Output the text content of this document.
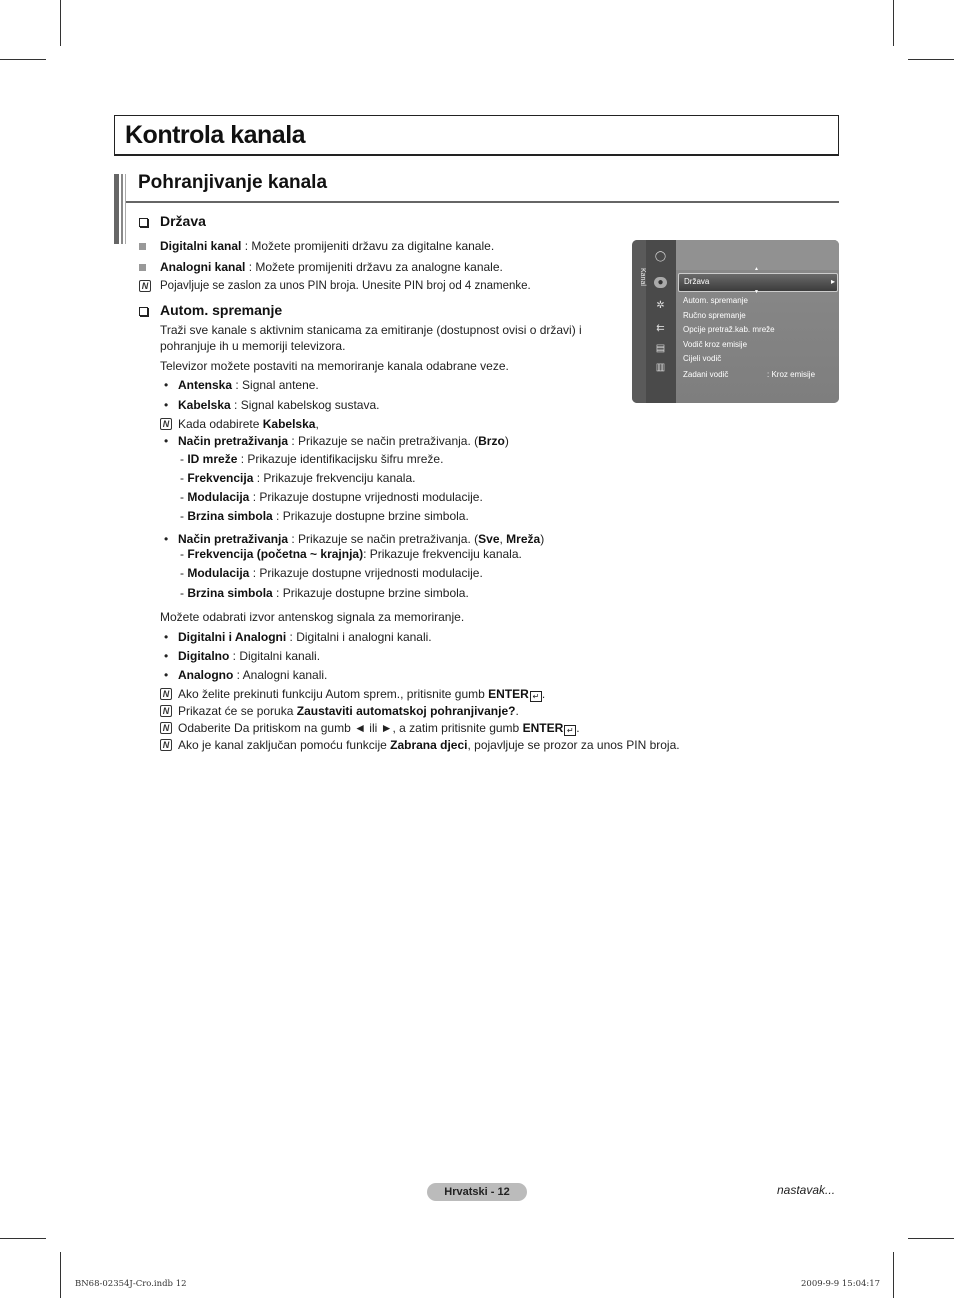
Kontrola kanala
Pohranjivanje kanala
Država
Digitalni kanal : Možete promijeniti državu za digitalne kanale.
Analogni kanal : Možete promijeniti državu za analogne kanale.
N Pojavljuje se zaslon za unos PIN broja. Unesite PIN broj od 4 znamenke.
Autom. spremanje
Traži sve kanale s aktivnim stanicama za emitiranje (dostupnost ovisi o državi) i
pohranjuje ih u memoriji televizora.
Televizor možete postaviti na memoriranje kanala odabrane veze.
• Antenska : Signal antene.
• Kabelska : Signal kabelskog sustava.
N Kada odabirete Kabelska,
• Način pretraživanja : Prikazuje se način pretraživanja. (Brzo)
- ID mreže : Prikazuje identifikacijsku šifru mreže.
- Frekvencija : Prikazuje frekvenciju kanala.
- Modulacija : Prikazuje dostupne vrijednosti modulacije.
- Brzina simbola : Prikazuje dostupne brzine simbola.
• Način pretraživanja : Prikazuje se način pretraživanja. (Sve, Mreža)
- Frekvencija (početna ~ krajnja): Prikazuje frekvenciju kanala.
- Modulacija : Prikazuje dostupne vrijednosti modulacije.
- Brzina simbola : Prikazuje dostupne brzine simbola.
Možete odabrati izvor antenskog signala za memoriranje.
• Digitalni i Analogni : Digitalni i analogni kanali.
• Digitalno : Digitalni kanali.
• Analogno : Analogni kanali.
N Ako želite prekinuti funkciju Autom sprem., pritisnite gumb ENTER ↵ .
N Prikazat će se poruka Zaustaviti automatskoj pohranjivanje?.
N Odaberite Da pritiskom na gumb ◄ ili ►, a zatim pritisnite gumb ENTER ↵ .
N Ako je kanal zaključan pomoću funkcije Zabrana djeci, pojavljuje se prozor za unos PIN broja.
Kanal
◯
●
✲
⇇
▤
▥
▲
Država	▸
▼
Autom. spremanje
Ručno spremanje
Opcije pretraž.kab. mreže
Vodič kroz emisije
Cijeli vodič
Zadani vodič	: Kroz emisije
Hrvatski - 12	nastavak...
BN68-02354J-Cro.indb 12	2009-9-9 15:04:17
